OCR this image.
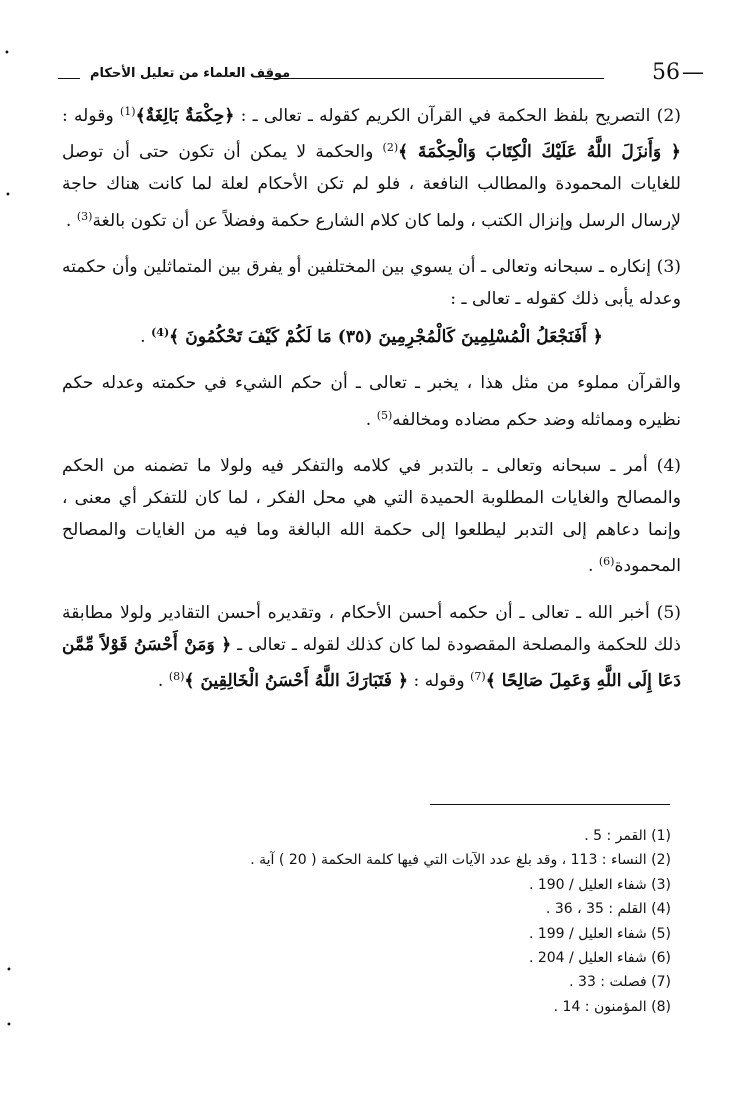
56 —
موقف العلماء من تعليل الأحكام

(2) التصريح بلفظ الحكمة في القرآن الكريم كقوله ـ تعالى ـ : ﴿حِكْمَةٌ بَالِغَةٌ﴾$^{(1)}$ وقوله : ﴿ وَأَنزَلَ اللَّهُ عَلَيْكَ الْكِتَابَ وَالْحِكْمَةَ ﴾$^{(2)}$ والحكمة لا يمكن أن تكون حتى أن توصل للغايات المحمودة والمطالب النافعة ، فلو لم تكن الأحكام لعلة لما كانت هناك حاجة لإرسال الرسل وإنزال الكتب ، ولما كان كلام الشارع حكمة وفضلاً عن أن تكون بالغة$^{(3)}$ .

(3) إنكاره ـ سبحانه وتعالى ـ أن يسوي بين المختلفين أو يفرق بين المتماثلين وأن حكمته وعدله يأبى ذلك كقوله ـ تعالى ـ :

﴿ أَفَنَجْعَلُ الْمُسْلِمِينَ كَالْمُجْرِمِينَ (٣٥) مَا لَكُمْ كَيْفَ تَحْكُمُونَ ﴾$^{(4)}$ .

والقرآن مملوء من مثل هذا ، يخبر ـ تعالى ـ أن حكم الشيء في حكمته وعدله حكم نظيره ومماثله وضد حكم مضاده ومخالفه$^{(5)}$ .

(4) أمر ـ سبحانه وتعالى ـ بالتدبر في كلامه والتفكر فيه ولولا ما تضمنه من الحكم والمصالح والغايات المطلوبة الحميدة التي هي محل الفكر ، لما كان للتفكر أي معنى ، وإنما دعاهم إلى التدبر ليطلعوا إلى حكمة الله البالغة وما فيه من الغايات والمصالح المحمودة$^{(6)}$ .

(5) أخبر الله ـ تعالى ـ أن حكمه أحسن الأحكام ، وتقديره أحسن التقادير ولولا مطابقة ذلك للحكمة والمصلحة المقصودة لما كان كذلك لقوله ـ تعالى ـ ﴿ وَمَنْ أَحْسَنُ قَوْلاً مِّمَّن دَعَا إِلَى اللَّهِ وَعَمِلَ صَالِحًا ﴾$^{(7)}$ وقوله : ﴿ فَتَبَارَكَ اللَّهُ أَحْسَنُ الْخَالِقِينَ ﴾$^{(8)}$ .

(1) القمر : 5 .
(2) النساء : 113 ، وقد بلغ عدد الآيات التي فيها كلمة الحكمة ( 20 ) آية .
(3) شفاء العليل / 190 .
(4) القلم : 35 ، 36 .
(5) شفاء العليل / 199 .
(6) شفاء العليل / 204 .
(7) فصلت : 33 .
(8) المؤمنون : 14 .
•
•
•
•
